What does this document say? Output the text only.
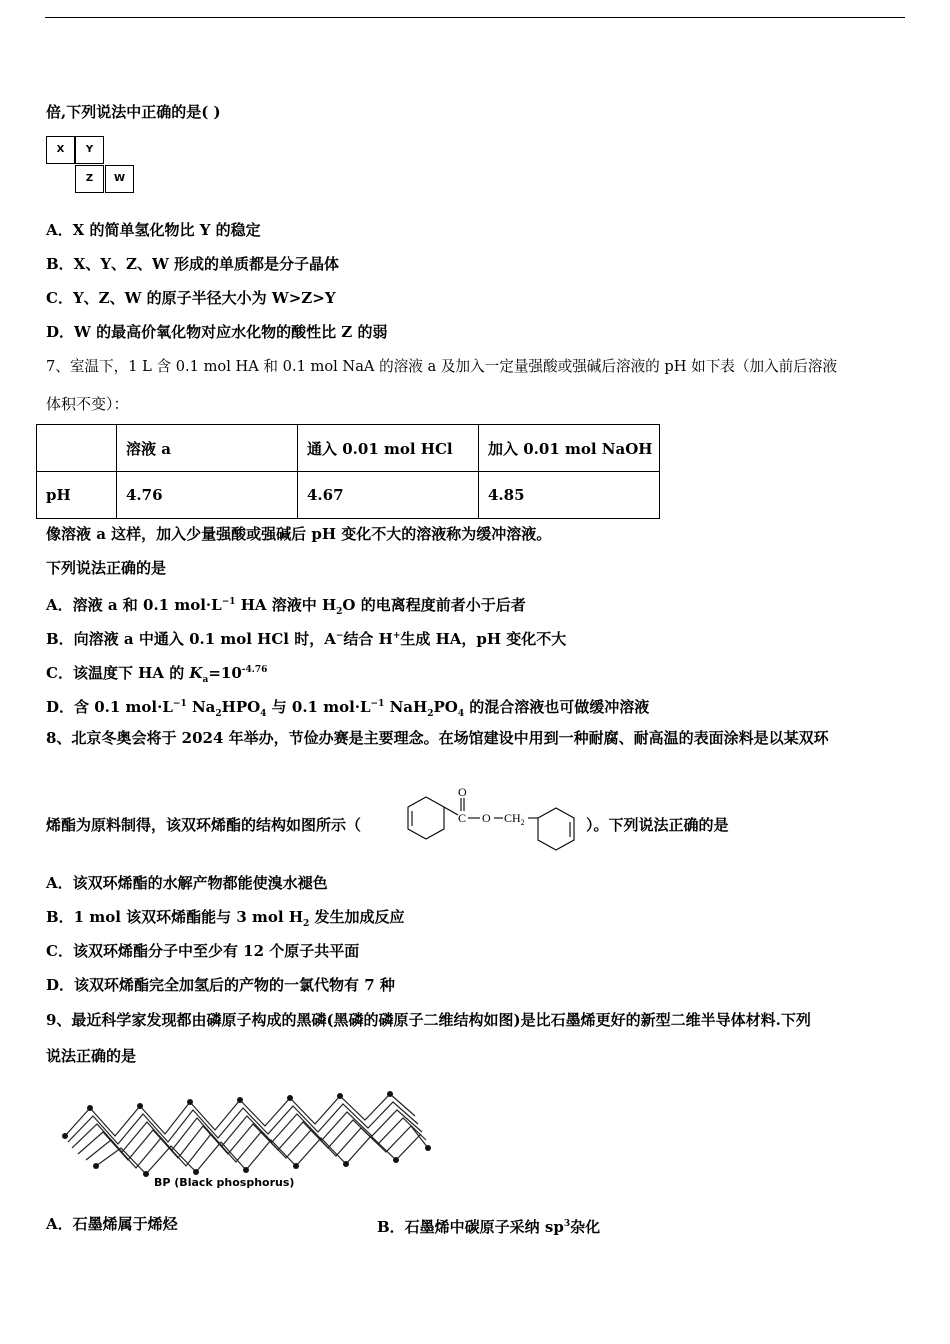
倍,下列说法中正确的是( )
X	Y
Z	W
A．X 的简单氢化物比 Y 的稳定
B．X、Y、Z、W 形成的单质都是分子晶体
C．Y、Z、W 的原子半径大小为 W>Z>Y
D．W 的最高价氧化物对应水化物的酸性比 Z 的弱
7、室温下，1 L 含 0.1 mol HA 和 0.1 mol NaA 的溶液 a 及加入一定量强酸或强碱后溶液的 pH 如下表（加入前后溶液
体积不变）：
	溶液 a	通入 0.01 mol HCl	加入 0.01 mol NaOH
pH	4.76	4.67	4.85
像溶液 a 这样，加入少量强酸或强碱后 pH 变化不大的溶液称为缓冲溶液。
下列说法正确的是
A．溶液 a 和 0.1 $mol\cdot L^{-1}$ HA 溶液中 $H_2O$ 的电离程度前者小于后者
B．向溶液 a 中通入 0.1 mol HCl 时，A−结合 H+生成 HA，pH 变化不大
C．该温度下 HA 的 $K_a=10^{-4.76}$
D．含 0.1 $mol\cdot L^{-1}$ $Na_2HPO_4$ 与 0.1 $mol\cdot L^{-1}$ $NaH_2PO_4$ 的混合溶液也可做缓冲溶液
8、北京冬奥会将于 2024 年举办，节俭办赛是主要理念。在场馆建设中用到一种耐腐、耐高温的表面涂料是以某双环
烯酯为原料制得，该双环烯酯的结构如图所示（
O
C O $CH_2$	）。下列说法正确的是
A．该双环烯酯的水解产物都能使溴水褪色
B．1 mol 该双环烯酯能与 3 mol $H_2$ 发生加成反应
C．该双环烯酯分子中至少有 12 个原子共平面
D．该双环烯酯完全加氢后的产物的一氯代物有 7 种
9、最近科学家发现都由磷原子构成的黑磷(黑磷的磷原子二维结构如图)是比石墨烯更好的新型二维半导体材料.下列
说法正确的是
BP (Black phosphorus)
A．石墨烯属于烯烃	B．石墨烯中碳原子采纳 $sp^3$杂化
